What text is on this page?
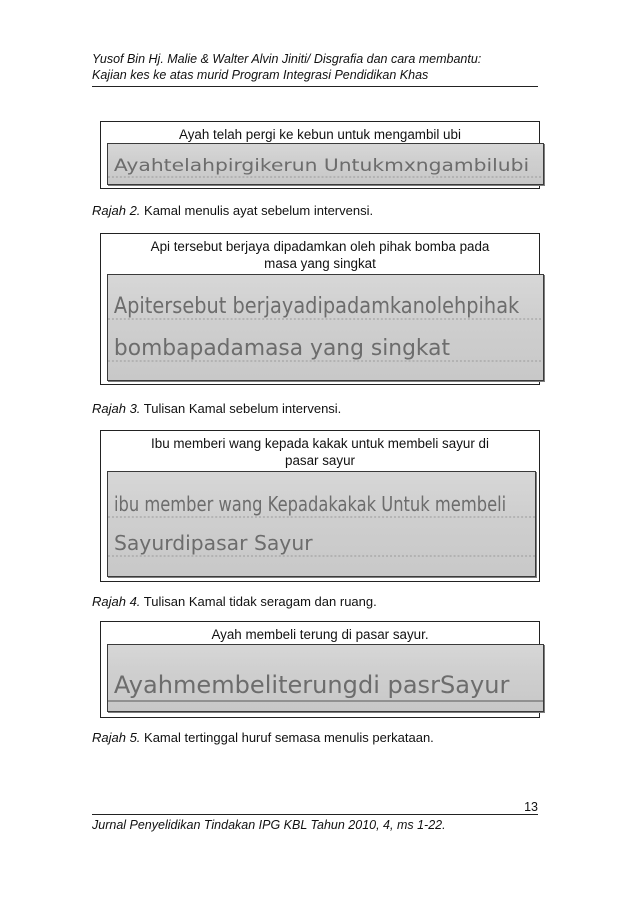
Yusof Bin Hj. Malie & Walter Alvin Jiniti/ Disgrafia dan cara membantu:
Kajian kes ke atas murid Program Integrasi Pendidikan Khas
Ayah telah pergi ke kebun untuk mengambil ubi
Ayahtelahpirgikerun Untukmxngambilubi
Rajah 2. Kamal menulis ayat sebelum intervensi.
Api tersebut berjaya dipadamkan oleh pihak bomba pada
masa yang singkat
Apitersebut berjayadipadamkanolehpihak
bombapadamasa yang singkat
Rajah 3. Tulisan Kamal sebelum intervensi.
Ibu memberi wang kepada kakak untuk membeli sayur di
pasar sayur
ibu member wang Kepadakakak Untuk membeli
Sayurdipasar Sayur
Rajah 4. Tulisan Kamal tidak seragam dan ruang.
Ayah membeli terung di pasar sayur.
Ayahmembeliterungdi pasrSayur
Rajah 5. Kamal tertinggal huruf semasa menulis perkataan.
13
Jurnal Penyelidikan Tindakan IPG KBL Tahun 2010, 4, ms 1-22.
